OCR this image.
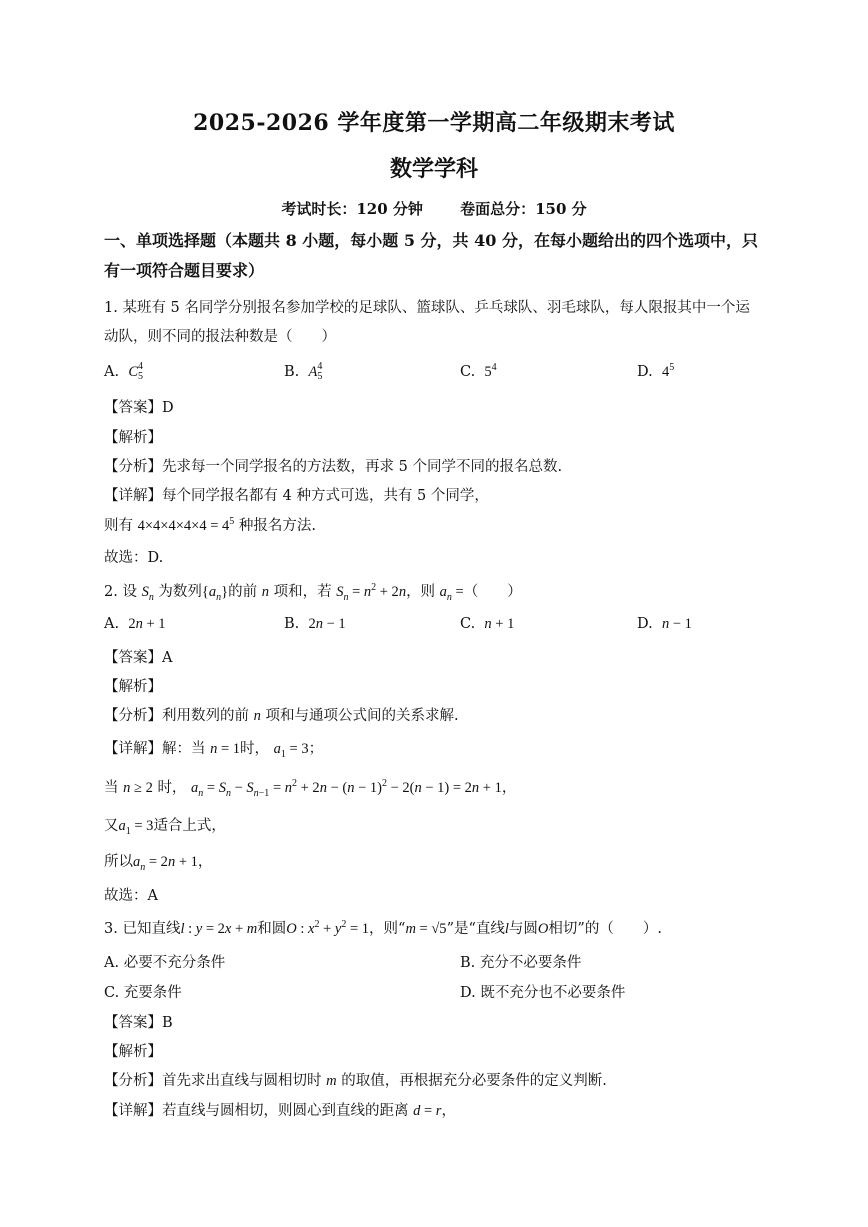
2025-2026 学年度第一学期高二年级期末考试
数学学科
考试时长：120 分钟 卷面总分：150 分
一、单项选择题（本题共 8 小题，每小题 5 分，共 40 分，在每小题给出的四个选项中，只有一项符合题目要求）
1. 某班有 5 名同学分别报名参加学校的足球队、篮球队、乒乓球队、羽毛球队，每人限报其中一个运动队，则不同的报法种数是（　　）
A. C4
5	B. A4
5	C. $5^4$	D. $4^5$
【答案】D
【解析】
【分析】先求每一个同学报名的方法数，再求 5 个同学不同的报名总数.
【详解】每个同学报名都有 4 种方式可选，共有 5 个同学，
则有 $4\times 4\times 4\times 4\times 4 = 4^5$ 种报名方法.
故选：D.
2. 设 $S_n$ 为数列$\{a_n\}$的前 n 项和，若 $S_n = n^2 + 2n$，则 $a_n$ =（　　）
A. 2n + 1	B. 2n − 1	C. n + 1	D. n − 1
【答案】A
【解析】
【分析】利用数列的前 n 项和与通项公式间的关系求解.
【详解】解：当 n = 1时， $a_1 = 3$；
当 n ≥ 2 时， $a_n = S_n - S_{n-1} = n^2 + 2n - (n - 1)^2 - 2(n - 1) = 2n + 1$，
又$a_1 = 3$适合上式，
所以$a_n = 2n + 1$，
故选：A
3. 已知直线l : y = 2x + m和圆O : $x^2 + y^2 = 1$，则“m = √5”是“直线l与圆O相切”的（　　）.
A. 必要不充分条件	B. 充分不必要条件
C. 充要条件	D. 既不充分也不必要条件
【答案】B
【解析】
【分析】首先求出直线与圆相切时 m 的取值，再根据充分必要条件的定义判断.
【详解】若直线与圆相切，则圆心到直线的距离 d = r，
